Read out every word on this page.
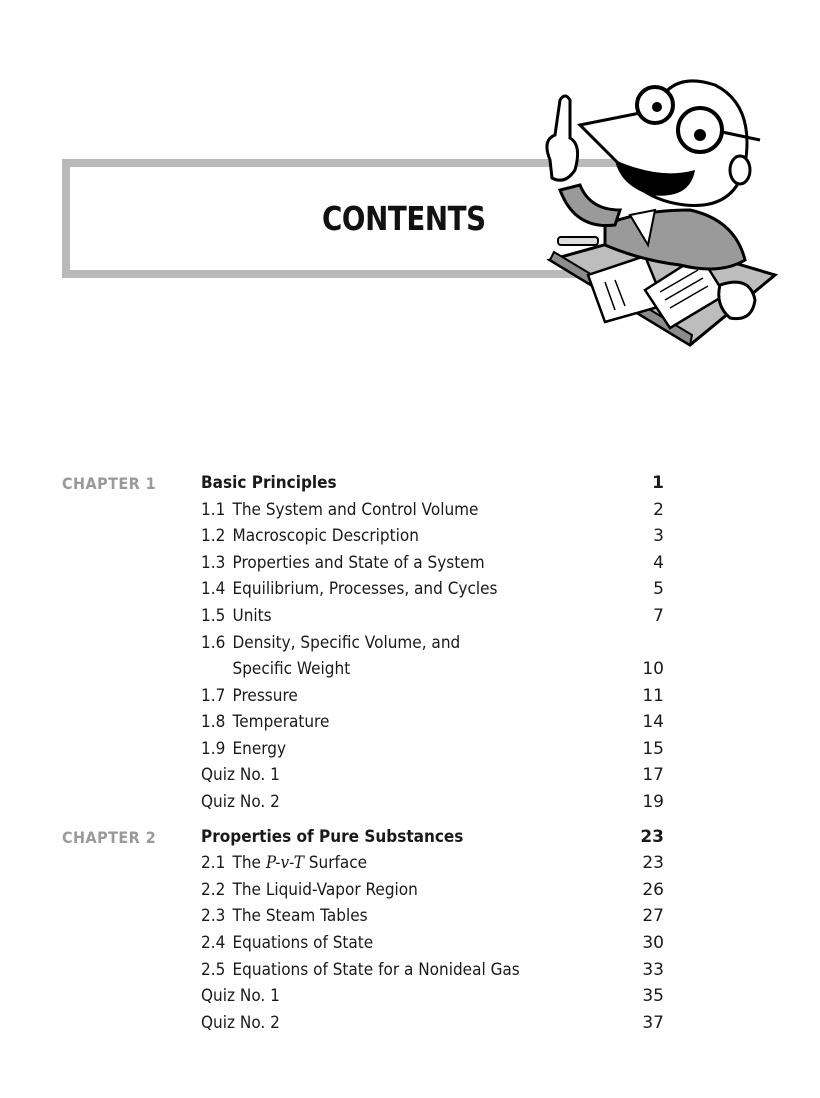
CONTENTS
CHAPTER 1	Basic Principles	1
1.1 The System and Control Volume	2
1.2 Macroscopic Description	3
1.3 Properties and State of a System	4
1.4 Equilibrium, Processes, and Cycles	5
1.5 Units	7
1.6 Density, Specific Volume, and
Specific Weight	10
1.7 Pressure	11
1.8 Temperature	14
1.9 Energy	15
Quiz No. 1	17
Quiz No. 2	19
CHAPTER 2	Properties of Pure Substances	23
2.1 The P-v-T Surface	23
2.2 The Liquid-Vapor Region	26
2.3 The Steam Tables	27
2.4 Equations of State	30
2.5 Equations of State for a Nonideal Gas	33
Quiz No. 1	35
Quiz No. 2	37
